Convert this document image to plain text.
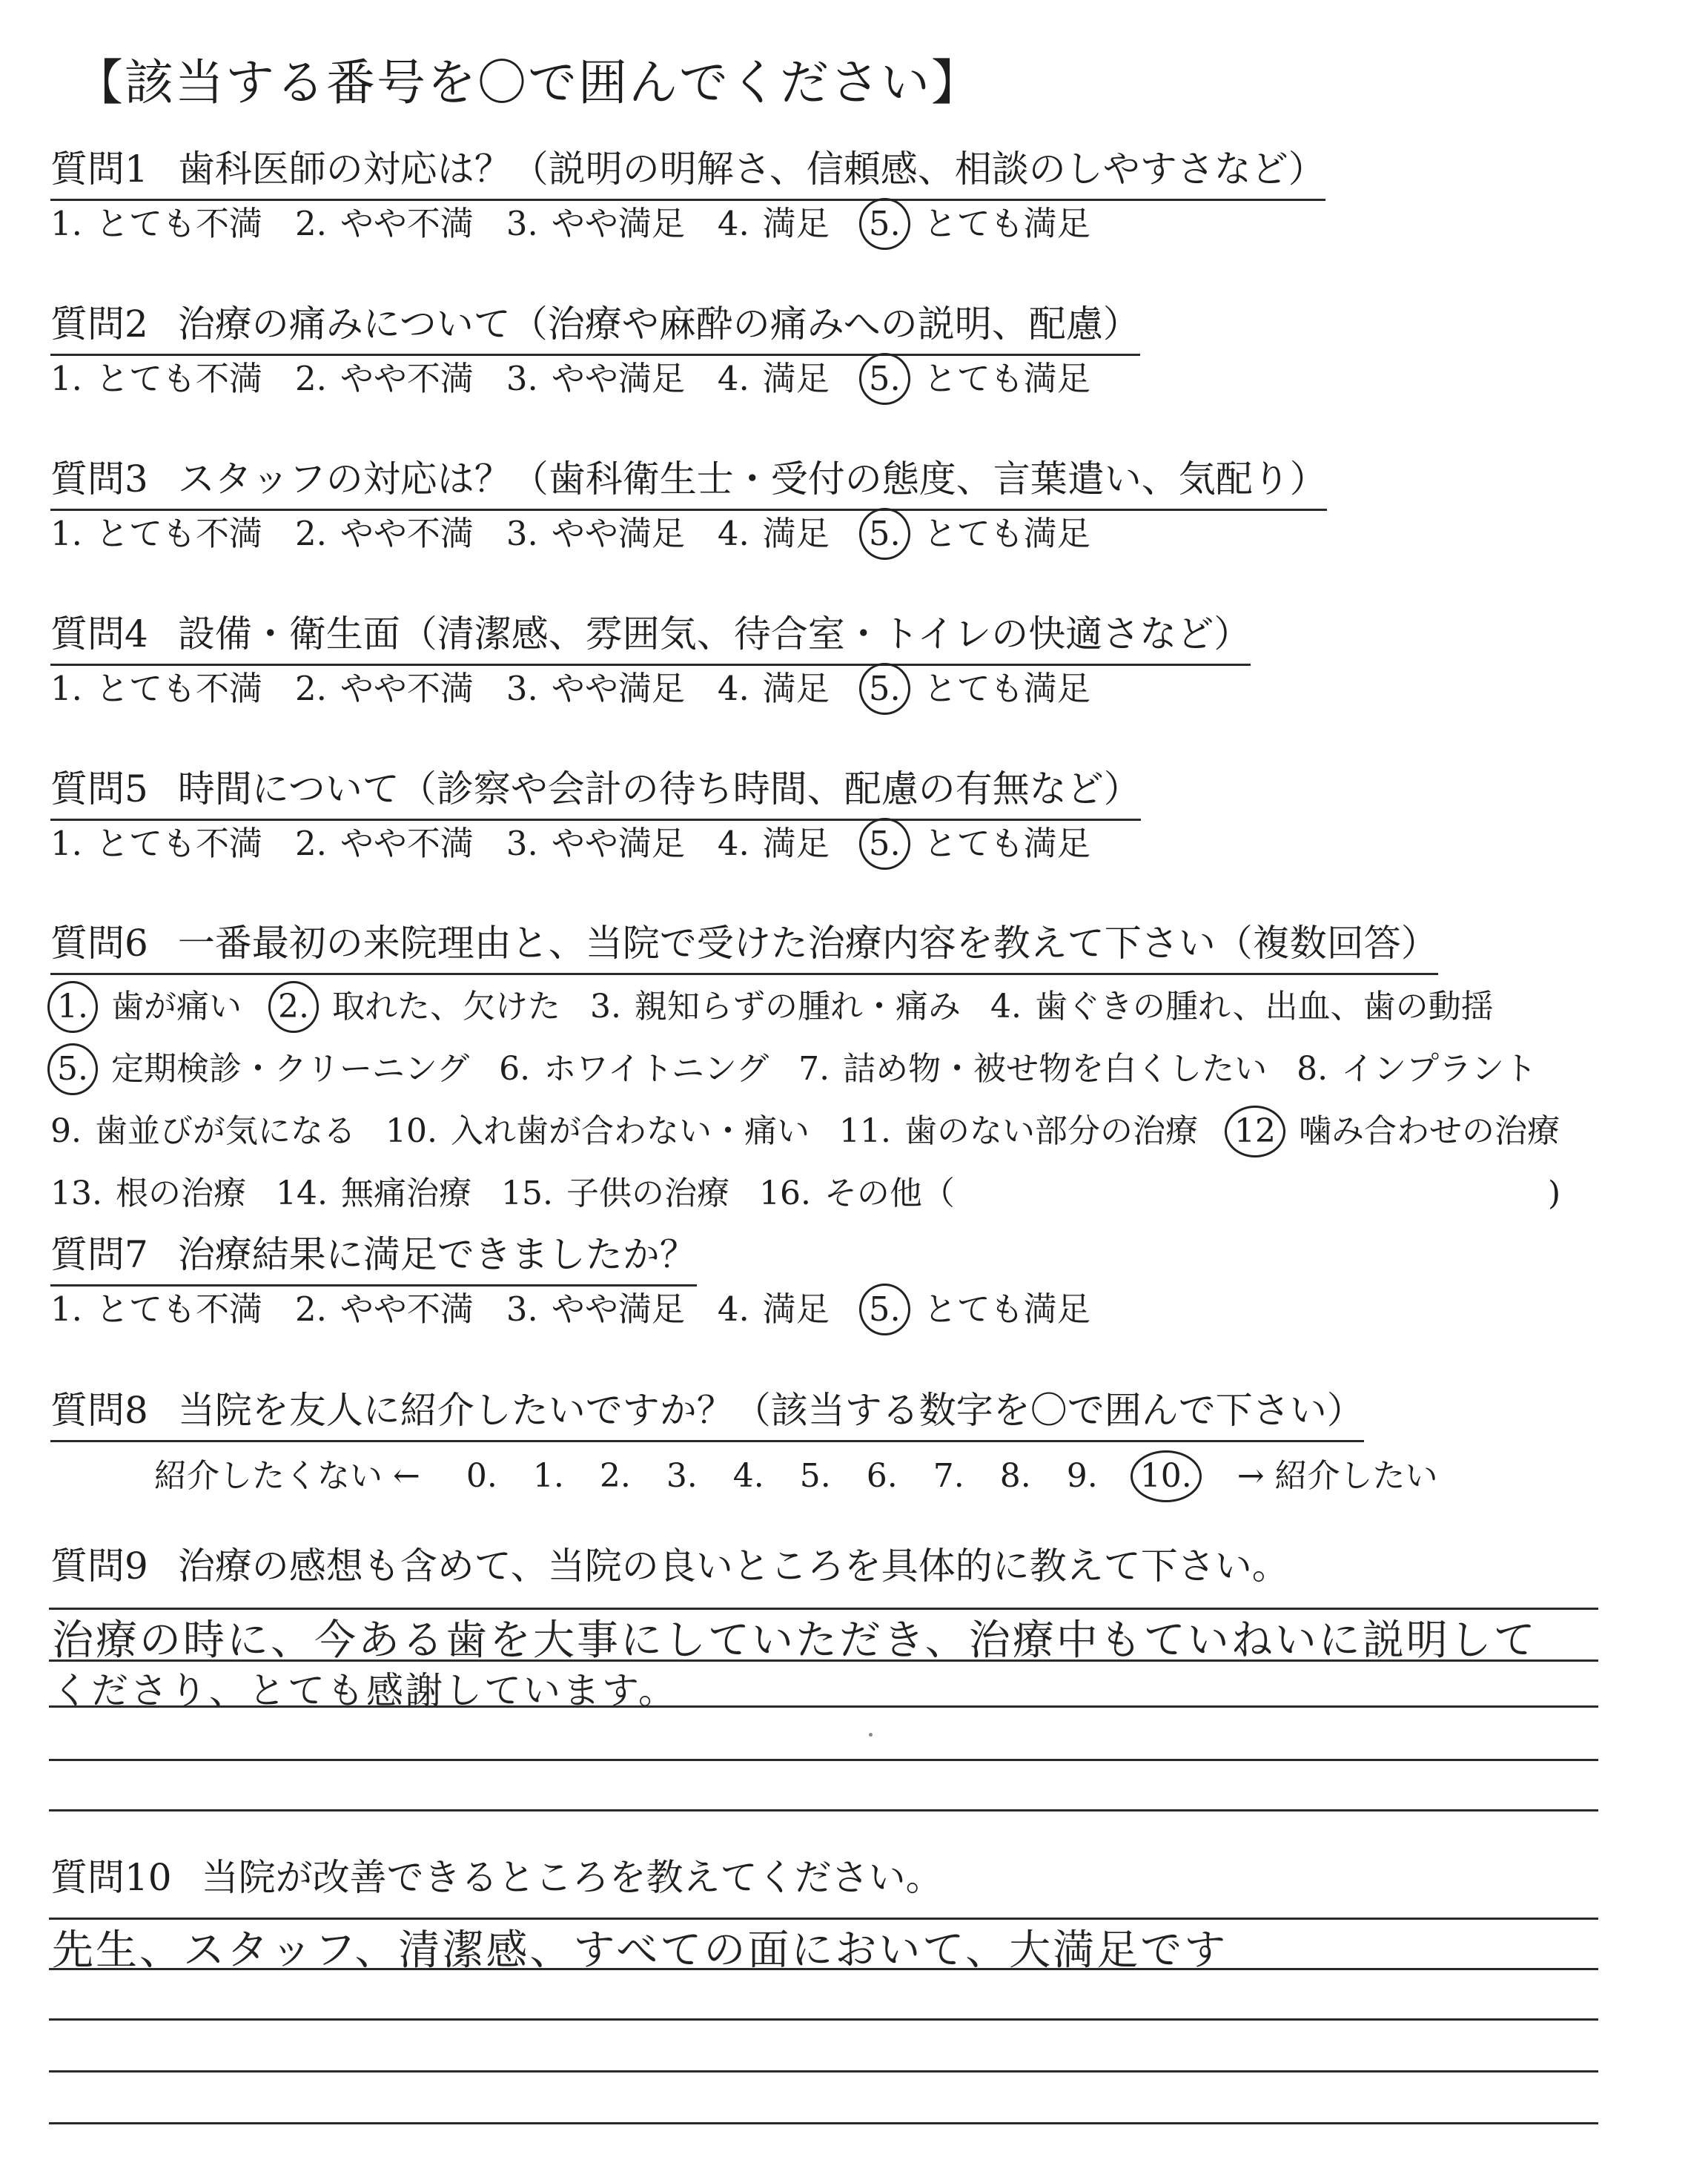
【該当する番号を〇で囲んでください】
質問1 歯科医師の対応は？（説明の明解さ、信頼感、相談のしやすさなど）
1. とても不満 2. やや不満 3. やや満足 4. 満足 5. とても満足
質問2 治療の痛みについて（治療や麻酔の痛みへの説明、配慮）
1. とても不満 2. やや不満 3. やや満足 4. 満足 5. とても満足
質問3 スタッフの対応は？（歯科衛生士・受付の態度、言葉遣い、気配り）
1. とても不満 2. やや不満 3. やや満足 4. 満足 5. とても満足
質問4 設備・衛生面（清潔感、雰囲気、待合室・トイレの快適さなど）
1. とても不満 2. やや不満 3. やや満足 4. 満足 5. とても満足
質問5 時間について（診察や会計の待ち時間、配慮の有無など）
1. とても不満 2. やや不満 3. やや満足 4. 満足 5. とても満足
質問6 一番最初の来院理由と、当院で受けた治療内容を教えて下さい（複数回答）
1. 歯が痛い 2. 取れた、欠けた 3. 親知らずの腫れ・痛み 4. 歯ぐきの腫れ、出血、歯の動揺
5. 定期検診・クリーニング 6. ホワイトニング 7. 詰め物・被せ物を白くしたい 8. インプラント
9. 歯並びが気になる 10. 入れ歯が合わない・痛い 11. 歯のない部分の治療 12 噛み合わせの治療
13. 根の治療 14. 無痛治療 15. 子供の治療 16. その他（	)
質問7 治療結果に満足できましたか？
1. とても不満 2. やや不満 3. やや満足 4. 満足 5. とても満足
質問8 当院を友人に紹介したいですか？（該当する数字を〇で囲んで下さい）
紹介したくない ← 0. 1. 2. 3. 4. 5. 6. 7. 8. 9. 10. → 紹介したい
質問9 治療の感想も含めて、当院の良いところを具体的に教えて下さい。
治療の時に、今ある歯を大事にしていただき、治療中もていねいに説明して
くださり、とても感謝しています。
質問10 当院が改善できるところを教えてください。
先生、スタッフ、清潔感、すべての面において、大満足です
